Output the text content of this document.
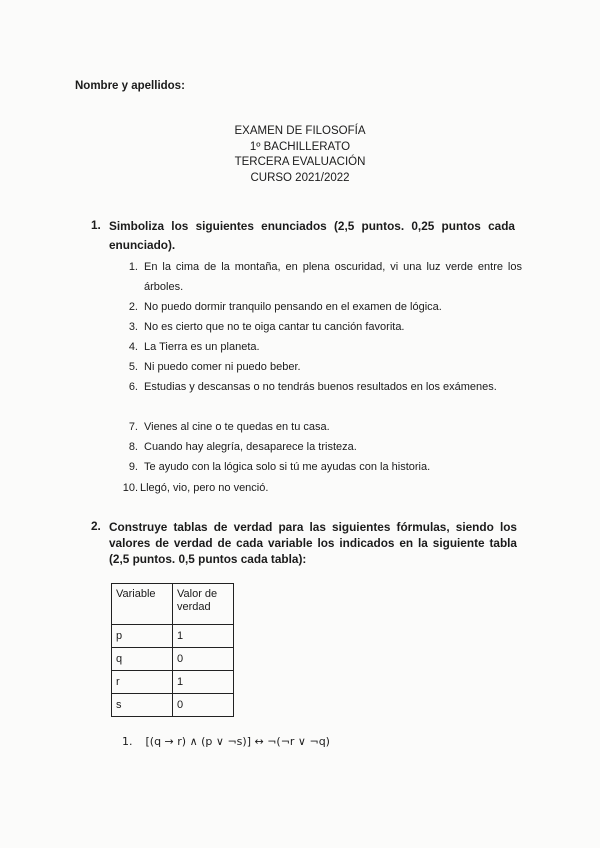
Nombre y apellidos:
EXAMEN DE FILOSOFÍA
1º BACHILLERATO
TERCERA EVALUACIÓN
CURSO 2021/2022
1. Simboliza los siguientes enunciados (2,5 puntos. 0,25 puntos cada enunciado).
1. En la cima de la montaña, en plena oscuridad, vi una luz verde entre los árboles.
2. No puedo dormir tranquilo pensando en el examen de lógica.
3. No es cierto que no te oiga cantar tu canción favorita.
4. La Tierra es un planeta.
5. Ni puedo comer ni puedo beber.
6. Estudias y descansas o no tendrás buenos resultados en los exámenes.
7. Vienes al cine o te quedas en tu casa.
8. Cuando hay alegría, desaparece la tristeza.
9. Te ayudo con la lógica solo si tú me ayudas con la historia.
10. Llegó, vio, pero no venció.
2. Construye tablas de verdad para las siguientes fórmulas, siendo los valores de verdad de cada variable los indicados en la siguiente tabla (2,5 puntos. 0,5 puntos cada tabla):
Variable	Valor de verdad
p	1
q	0
r	1
s	0
1. [(q → r) ∧ (p ∨ ¬s)] ↔ ¬(¬r ∨ ¬q)
